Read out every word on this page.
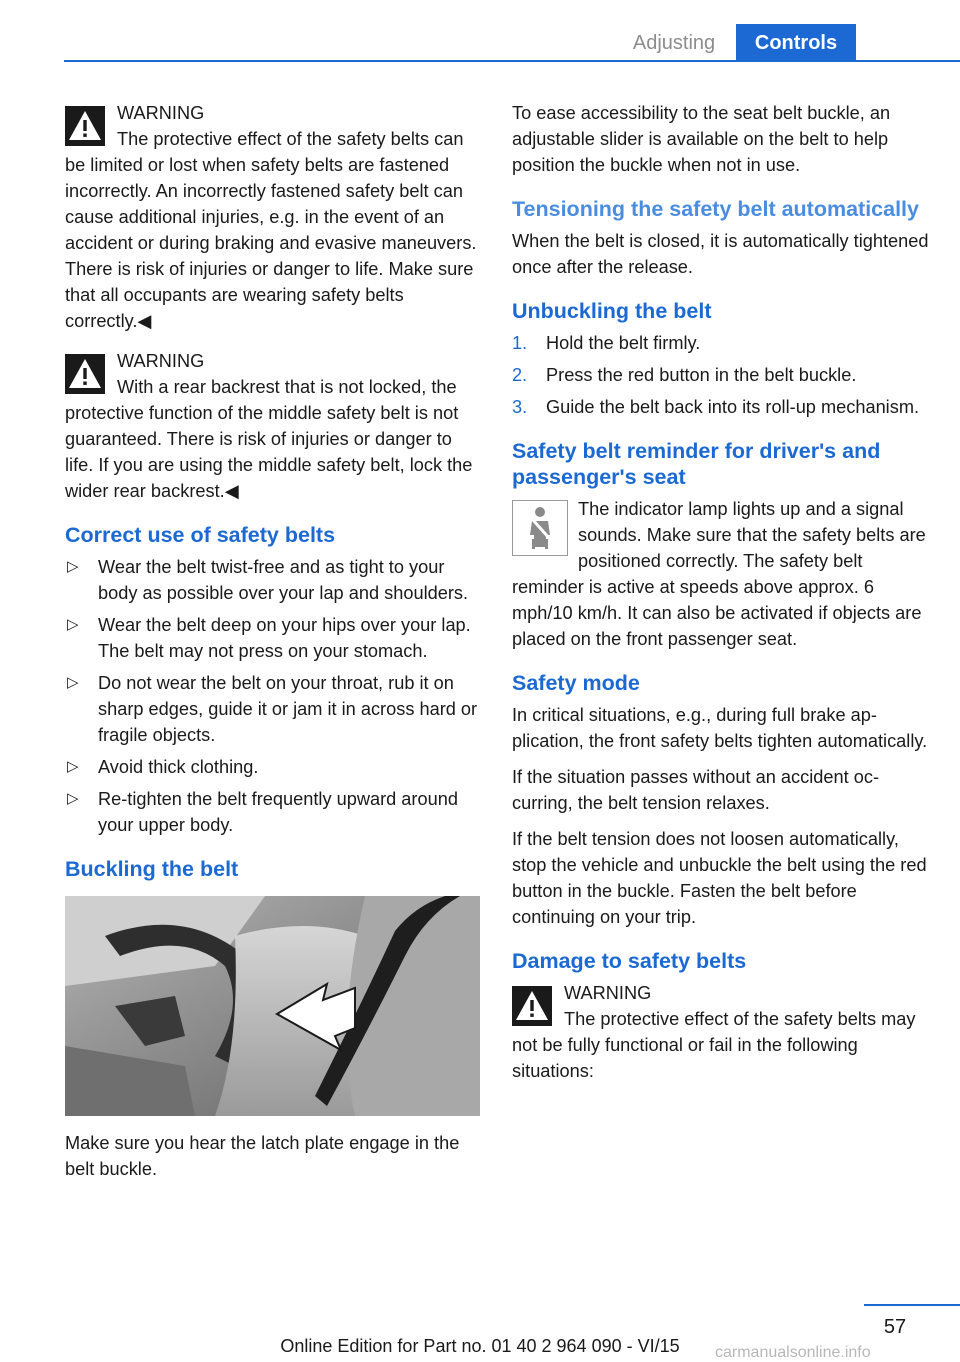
Adjusting	Controls
WARNING
The protective effect of the safety belts can be limited or lost when safety belts are fastened incorrectly. An incorrectly fastened safety belt can cause additional injuries, e.g. in the event of an accident or during braking and evasive maneuvers. There is risk of injuries or danger to life. Make sure that all occupants are wearing safety belts correctly.◀
WARNING
With a rear backrest that is not locked, the protective function of the middle safety belt is not guaranteed. There is risk of injuries or danger to life. If you are using the middle safety belt, lock the wider rear backrest.◀
Correct use of safety belts
▷ Wear the belt twist-free and as tight to your body as possible over your lap and shoulders.
▷ Wear the belt deep on your hips over your lap. The belt may not press on your stomach.
▷ Do not wear the belt on your throat, rub it on sharp edges, guide it or jam it in across hard or fragile objects.
▷ Avoid thick clothing.
▷ Re-tighten the belt frequently upward around your upper body.
Buckling the belt

Make sure you hear the latch plate engage in the belt buckle.

To ease accessibility to the seat belt buckle, an adjustable slider is available on the belt to help position the buckle when not in use.

Tensioning the safety belt automatically

When the belt is closed, it is automatically tightened once after the release.

Unbuckling the belt
1. Hold the belt firmly.
2. Press the red button in the belt buckle.
3. Guide the belt back into its roll-up mechanism.
Safety belt reminder for driver's and passenger's seat
The indicator lamp lights up and a signal sounds. Make sure that the safety belts are positioned correctly. The safety belt reminder is active at speeds above approx. 6 mph/10 km/h. It can also be activated if objects are placed on the front passenger seat.
Safety mode

In critical situations, e.g., during full brake application, the front safety belts tighten automatically.

If the situation passes without an accident occurring, the belt tension relaxes.

If the belt tension does not loosen automatically, stop the vehicle and unbuckle the belt using the red button in the buckle. Fasten the belt before continuing on your trip.

Damage to safety belts
WARNING
The protective effect of the safety belts may not be fully functional or fail in the following situations:
57
Online Edition for Part no. 01 40 2 964 090 - VI/15	carmanualsonline.info
